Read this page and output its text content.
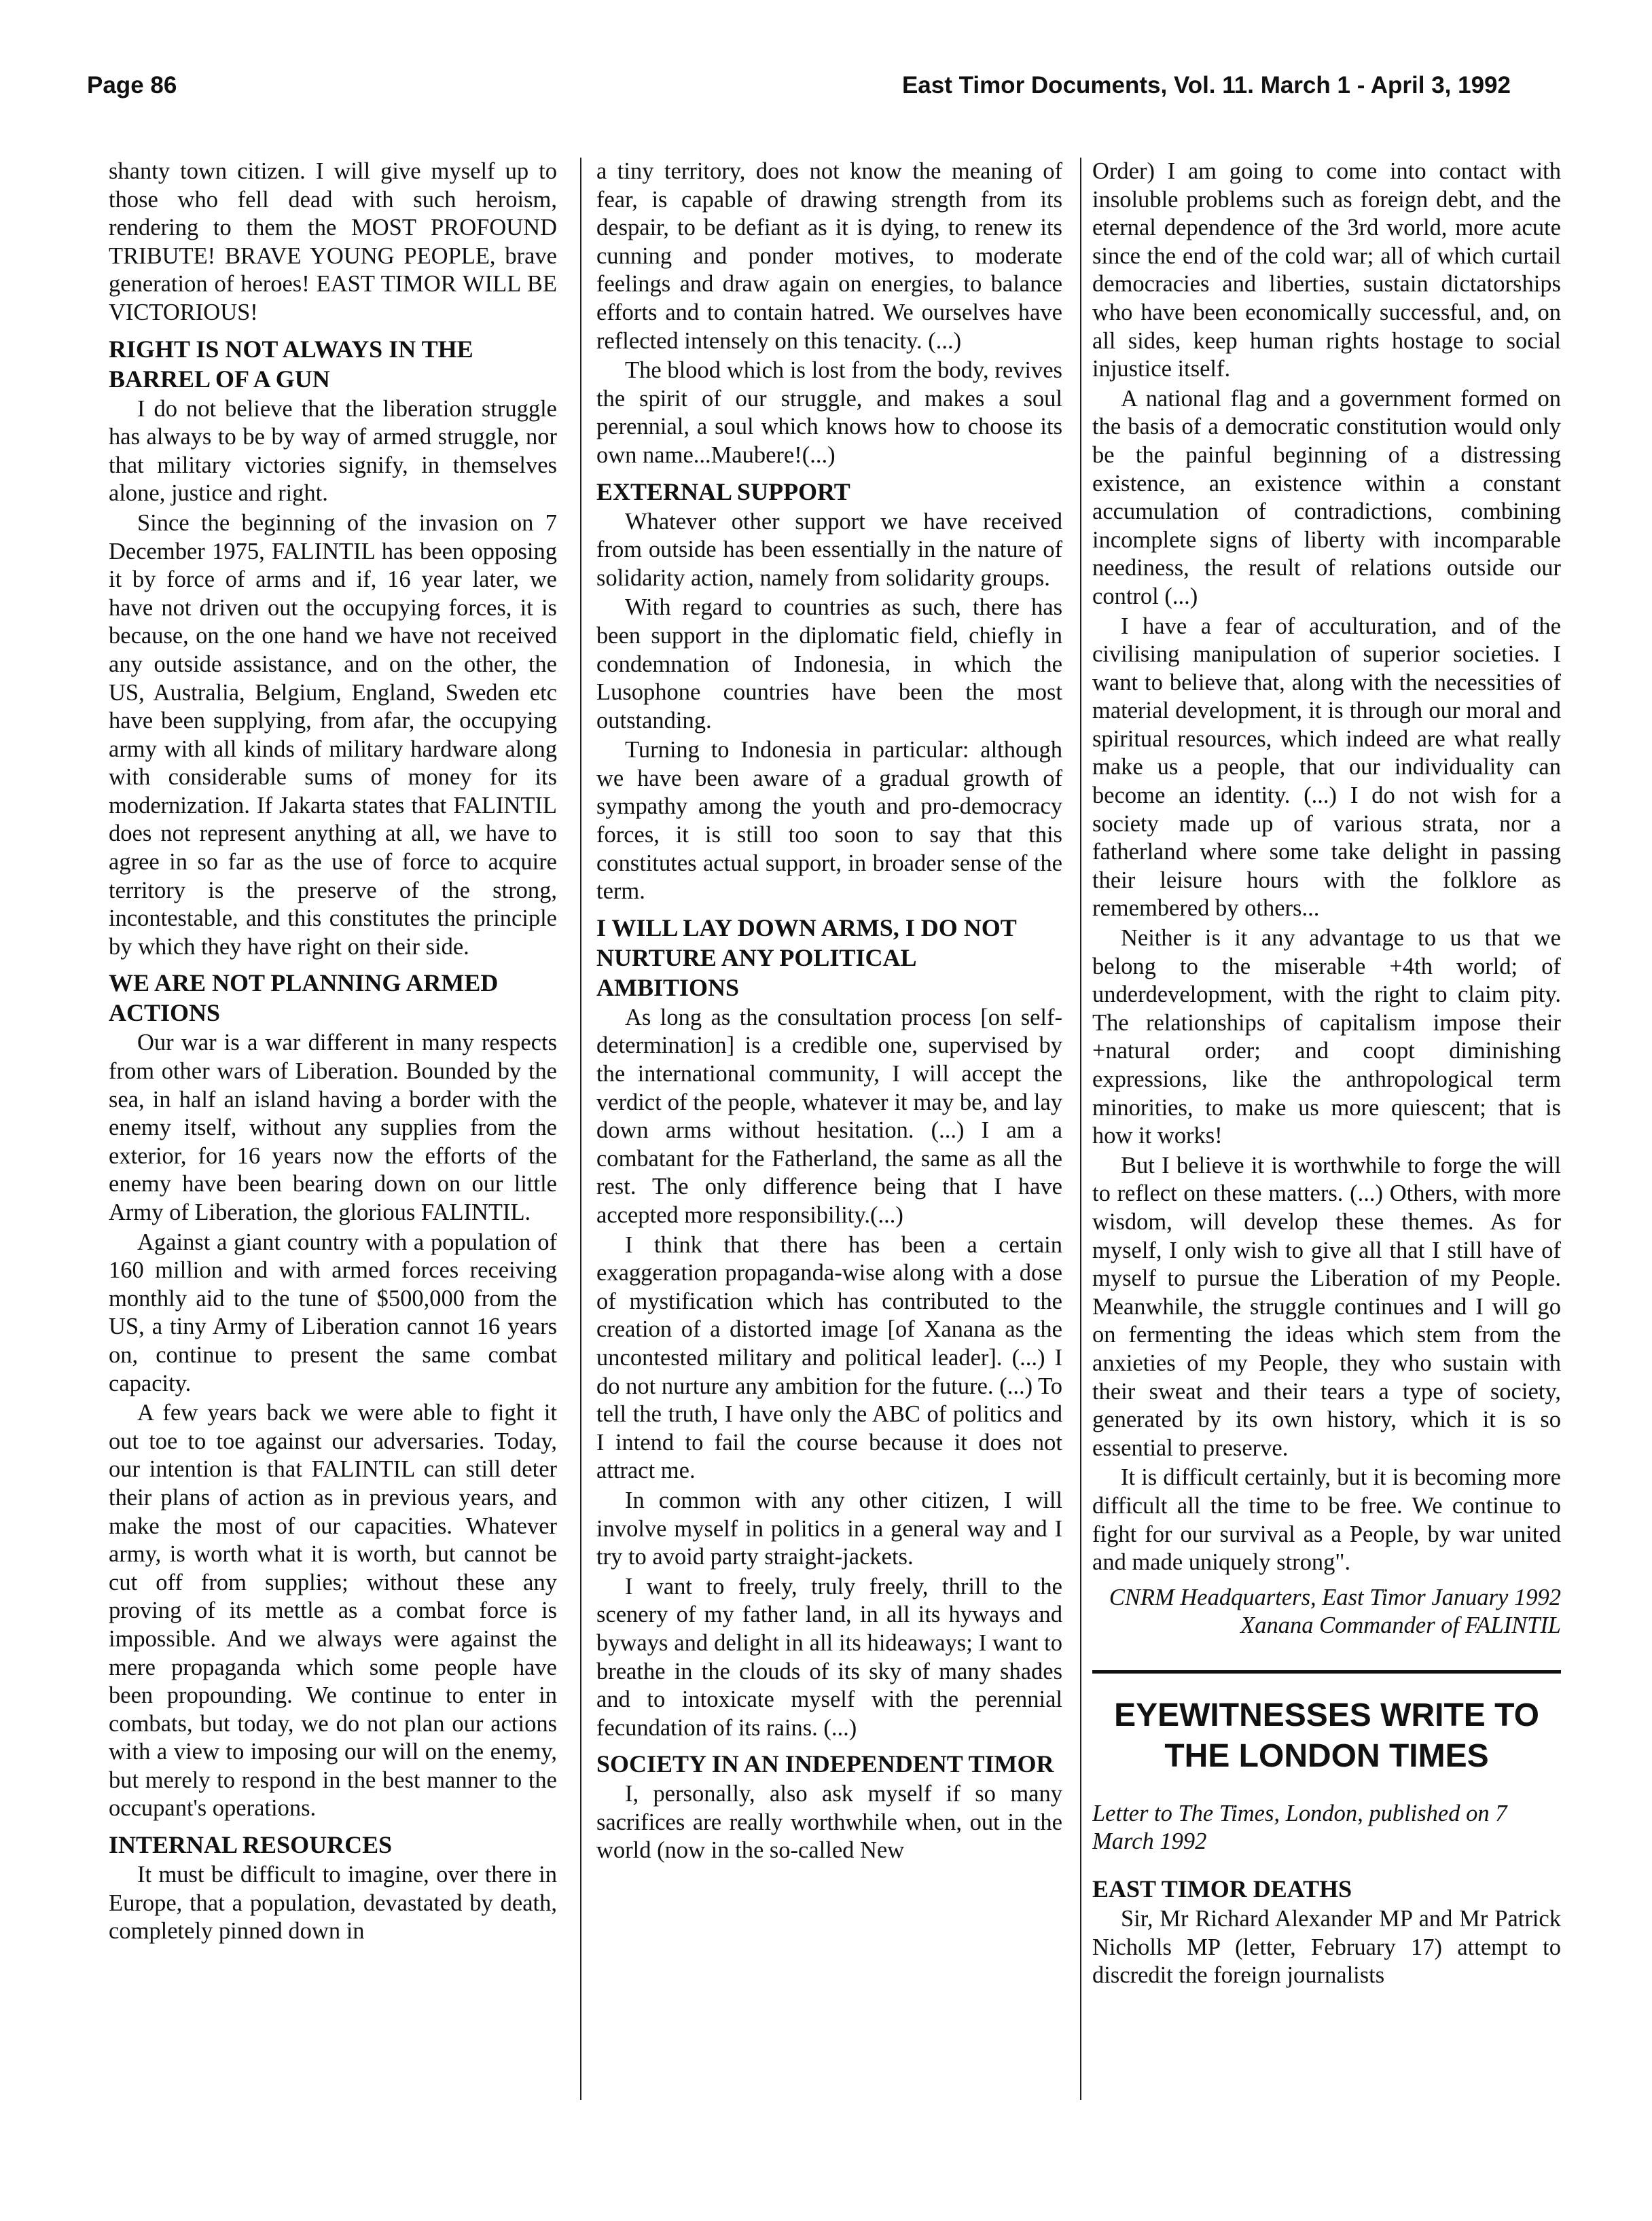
Page 86	East Timor Documents, Vol. 11. March 1 - April 3, 1992

shanty town citizen. I will give myself up to those who fell dead with such heroism, rendering to them the MOST PROFOUND TRIBUTE! BRAVE YOUNG PEOPLE, brave generation of heroes! EAST TIMOR WILL BE VICTORIOUS!

RIGHT IS NOT ALWAYS IN THE BARREL OF A GUN

I do not believe that the liberation struggle has always to be by way of armed struggle, nor that military victories signify, in themselves alone, justice and right.

Since the beginning of the invasion on 7 December 1975, FALINTIL has been opposing it by force of arms and if, 16 year later, we have not driven out the occupying forces, it is because, on the one hand we have not received any outside assistance, and on the other, the US, Australia, Belgium, England, Sweden etc have been supplying, from afar, the occupying army with all kinds of military hardware along with considerable sums of money for its modernization. If Jakarta states that FALINTIL does not represent anything at all, we have to agree in so far as the use of force to acquire territory is the preserve of the strong, incontestable, and this constitutes the principle by which they have right on their side.

WE ARE NOT PLANNING ARMED ACTIONS

Our war is a war different in many respects from other wars of Liberation. Bounded by the sea, in half an island having a border with the enemy itself, without any supplies from the exterior, for 16 years now the efforts of the enemy have been bearing down on our little Army of Liberation, the glorious FALINTIL.

Against a giant country with a population of 160 million and with armed forces receiving monthly aid to the tune of $500,000 from the US, a tiny Army of Liberation cannot 16 years on, continue to present the same combat capacity.

A few years back we were able to fight it out toe to toe against our adversaries. Today, our intention is that FALINTIL can still deter their plans of action as in previous years, and make the most of our capacities. Whatever army, is worth what it is worth, but cannot be cut off from supplies; without these any proving of its mettle as a combat force is impossible. And we always were against the mere propaganda which some people have been propounding. We continue to enter in combats, but today, we do not plan our actions with a view to imposing our will on the enemy, but merely to respond in the best manner to the occupant's operations.

INTERNAL RESOURCES

It must be difficult to imagine, over there in Europe, that a population, devastated by death, completely pinned down in

a tiny territory, does not know the meaning of fear, is capable of drawing strength from its despair, to be defiant as it is dying, to renew its cunning and ponder motives, to moderate feelings and draw again on energies, to balance efforts and to contain hatred. We ourselves have reflected intensely on this tenacity. (...)

The blood which is lost from the body, revives the spirit of our struggle, and makes a soul perennial, a soul which knows how to choose its own name...Maubere!(...)

EXTERNAL SUPPORT

Whatever other support we have received from outside has been essentially in the nature of solidarity action, namely from solidarity groups.

With regard to countries as such, there has been support in the diplomatic field, chiefly in condemnation of Indonesia, in which the Lusophone countries have been the most outstanding.

Turning to Indonesia in particular: although we have been aware of a gradual growth of sympathy among the youth and pro-democracy forces, it is still too soon to say that this constitutes actual support, in broader sense of the term.

I WILL LAY DOWN ARMS, I DO NOT NURTURE ANY POLITICAL AMBITIONS

As long as the consultation process [on self-determination] is a credible one, supervised by the international community, I will accept the verdict of the people, whatever it may be, and lay down arms without hesitation. (...) I am a combatant for the Fatherland, the same as all the rest. The only difference being that I have accepted more responsibility.(...)

I think that there has been a certain exaggeration propaganda-wise along with a dose of mystification which has contributed to the creation of a distorted image [of Xanana as the uncontested military and political leader]. (...) I do not nurture any ambition for the future. (...) To tell the truth, I have only the ABC of politics and I intend to fail the course because it does not attract me.

In common with any other citizen, I will involve myself in politics in a general way and I try to avoid party straight-jackets.

I want to freely, truly freely, thrill to the scenery of my father land, in all its hyways and byways and delight in all its hideaways; I want to breathe in the clouds of its sky of many shades and to intoxicate myself with the perennial fecundation of its rains. (...)

SOCIETY IN AN INDEPENDENT TIMOR

I, personally, also ask myself if so many sacrifices are really worthwhile when, out in the world (now in the so-called New

Order) I am going to come into contact with insoluble problems such as foreign debt, and the eternal dependence of the 3rd world, more acute since the end of the cold war; all of which curtail democracies and liberties, sustain dictatorships who have been economically successful, and, on all sides, keep human rights hostage to social injustice itself.

A national flag and a government formed on the basis of a democratic constitution would only be the painful beginning of a distressing existence, an existence within a constant accumulation of contradictions, combining incomplete signs of liberty with incomparable neediness, the result of relations outside our control (...)

I have a fear of acculturation, and of the civilising manipulation of superior societies. I want to believe that, along with the necessities of material development, it is through our moral and spiritual resources, which indeed are what really make us a people, that our individuality can become an identity. (...) I do not wish for a society made up of various strata, nor a fatherland where some take delight in passing their leisure hours with the folklore as remembered by others...

Neither is it any advantage to us that we belong to the miserable +4th world; of underdevelopment, with the right to claim pity. The relationships of capitalism impose their +natural order; and coopt diminishing expressions, like the anthropological term minorities, to make us more quiescent; that is how it works!

But I believe it is worthwhile to forge the will to reflect on these matters. (...) Others, with more wisdom, will develop these themes. As for myself, I only wish to give all that I still have of myself to pursue the Liberation of my People. Meanwhile, the struggle continues and I will go on fermenting the ideas which stem from the anxieties of my People, they who sustain with their sweat and their tears a type of society, generated by its own history, which it is so essential to preserve.

It is difficult certainly, but it is becoming more difficult all the time to be free. We continue to fight for our survival as a People, by war united and made uniquely strong".

CNRM Headquarters, East Timor January 1992 Xanana Commander of FALINTIL

EYEWITNESSES WRITE TO THE LONDON TIMES

Letter to The Times, London, published on 7 March 1992

EAST TIMOR DEATHS

Sir, Mr Richard Alexander MP and Mr Patrick Nicholls MP (letter, February 17) attempt to discredit the foreign journalists
